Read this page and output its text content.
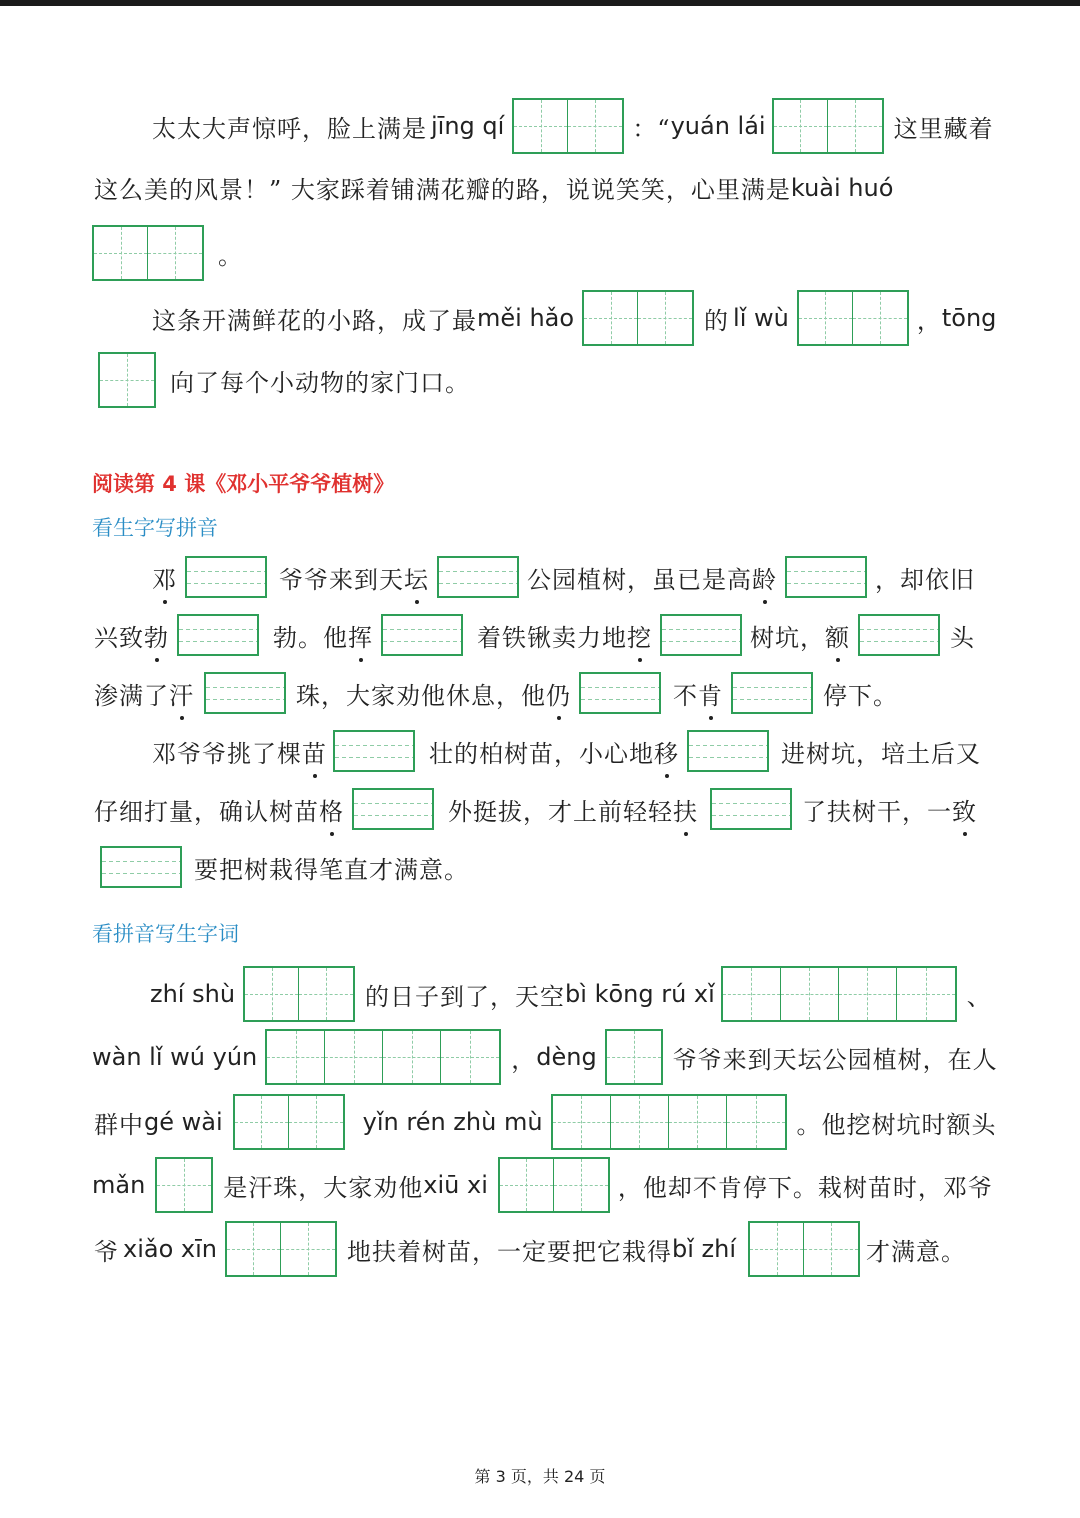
太太大声惊呼，脸上满是 jīng qí	：“ yuán lái	这里藏着
这么美的风景！” 大家踩着铺满花瓣的路，说说笑笑，心里满是 kuài huó
。
这条开满鲜花的小路，成了最 měi hǎo	的 lǐ wù	， tōng
向了每个小动物的家门口。
阅读第 4 课《邓小平爷爷植树》
看生字写拼音
邓	爷爷来到天 坛	公园植树，虽已是高 龄	，却依旧
兴致 勃	勃。他 挥	着铁锹卖力地 挖	树坑， 额	头
渗满了 汗	珠，大家劝他休息，他 仍	不 肯	停下。
邓爷爷挑了棵 苗	壮的柏树苗，小心地 移	进树坑，培土后又
仔细打量，确认树苗 格	外挺拔，才上前轻轻 扶	了扶树干，一 致
要把树栽得笔直才满意。
看拼音写生字词
zhí shù	的日子到了，天空 bì kōng rú xǐ	、
wàn lǐ wú yún	， dèng	爷爷来到天坛公园植树，在人
群中 gé wài	yǐn rén zhù mù	。他挖树坑时额头
mǎn	是汗珠，大家劝他 xiū xi	，他却不肯停下。栽树苗时，邓爷
爷 xiǎo xīn	地扶着树苗，一定要把它栽得 bǐ zhí	才满意。
第 3 页，共 24 页
